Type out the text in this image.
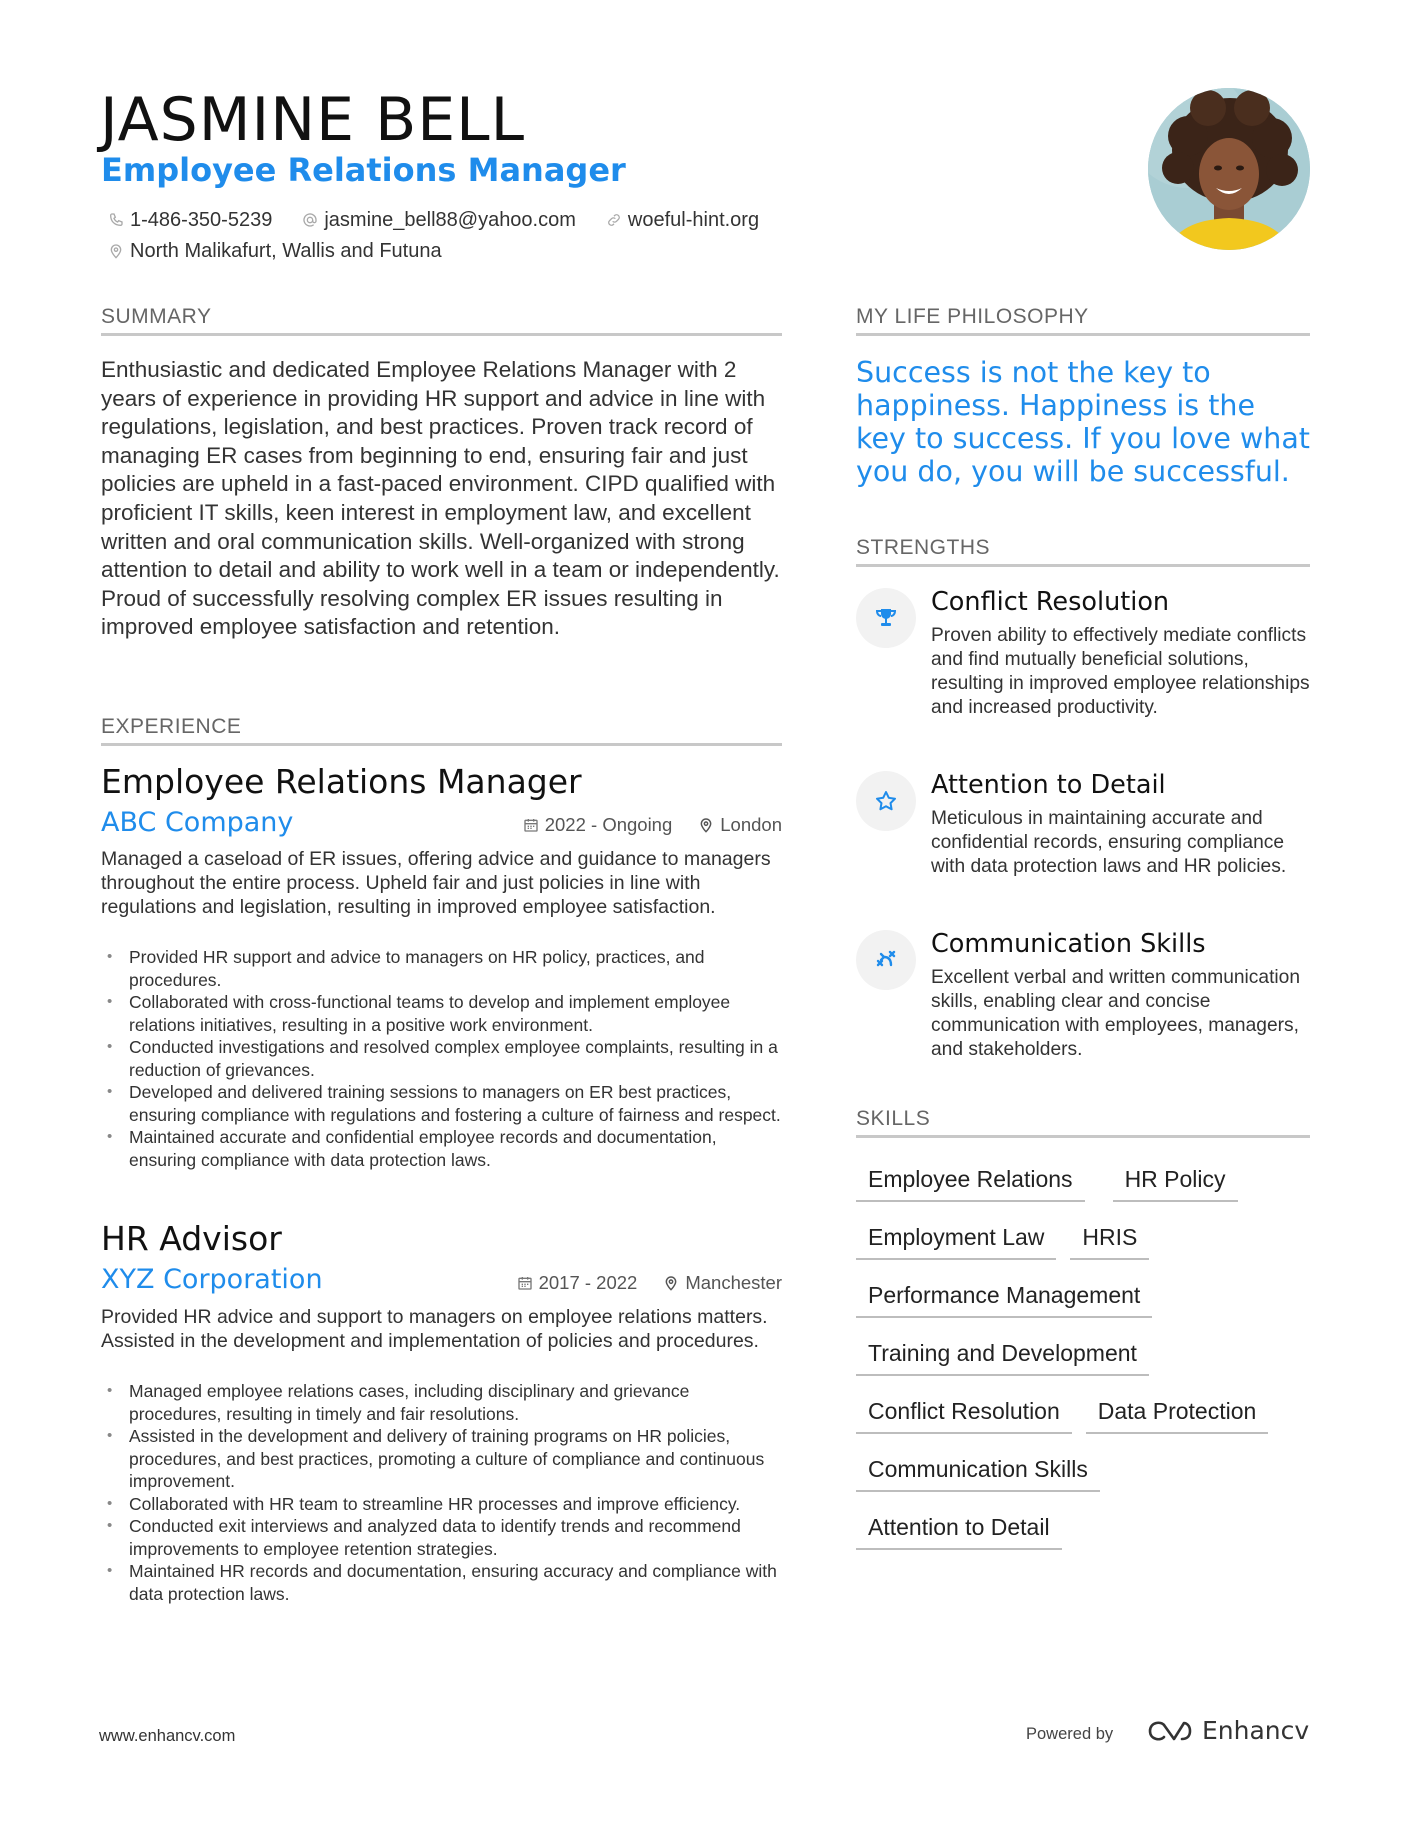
JASMINE BELL
Employee Relations Manager
1-486-350-5239	jasmine_bell88@yahoo.com	woeful-hint.org
North Malikafurt, Wallis and Futuna
SUMMARY

Enthusiastic and dedicated Employee Relations Manager with 2 years of experience in providing HR support and advice in line with regulations, legislation, and best practices. Proven track record of managing ER cases from beginning to end, ensuring fair and just policies are upheld in a fast-paced environment. CIPD qualified with proficient IT skills, keen interest in employment law, and excellent written and oral communication skills. Well-organized with strong attention to detail and ability to work well in a team or independently. Proud of successfully resolving complex ER issues resulting in improved employee satisfaction and retention.

EXPERIENCE
Employee Relations Manager
ABC Company	2022 - Ongoing	London

Managed a caseload of ER issues, offering advice and guidance to managers throughout the entire process. Upheld fair and just policies in line with regulations and legislation, resulting in improved employee satisfaction.

• Provided HR support and advice to managers on HR policy, practices, and procedures.
• Collaborated with cross-functional teams to develop and implement employee relations initiatives, resulting in a positive work environment.
• Conducted investigations and resolved complex employee complaints, resulting in a reduction of grievances.
• Developed and delivered training sessions to managers on ER best practices, ensuring compliance with regulations and fostering a culture of fairness and respect.
• Maintained accurate and confidential employee records and documentation, ensuring compliance with data protection laws.
HR Advisor
XYZ Corporation	2017 - 2022	Manchester

Provided HR advice and support to managers on employee relations matters. Assisted in the development and implementation of policies and procedures.

• Managed employee relations cases, including disciplinary and grievance procedures, resulting in timely and fair resolutions.
• Assisted in the development and delivery of training programs on HR policies, procedures, and best practices, promoting a culture of compliance and continuous improvement.
• Collaborated with HR team to streamline HR processes and improve efficiency.
• Conducted exit interviews and analyzed data to identify trends and recommend improvements to employee retention strategies.
• Maintained HR records and documentation, ensuring accuracy and compliance with data protection laws.
MY LIFE PHILOSOPHY

Success is not the key to happiness. Happiness is the key to success. If you love what you do, you will be successful.

STRENGTHS
Conflict Resolution

Proven ability to effectively mediate conflicts and find mutually beneficial solutions, resulting in improved employee relationships and increased productivity.

Attention to Detail

Meticulous in maintaining accurate and confidential records, ensuring compliance with data protection laws and HR policies.

Communication Skills

Excellent verbal and written communication skills, enabling clear and concise communication with employees, managers, and stakeholders.

SKILLS
Employee Relations	HR Policy
Employment Law	HRIS
Performance Management
Training and Development
Conflict Resolution	Data Protection
Communication Skills
Attention to Detail

www.enhancv.com	Powered by	Enhancv
